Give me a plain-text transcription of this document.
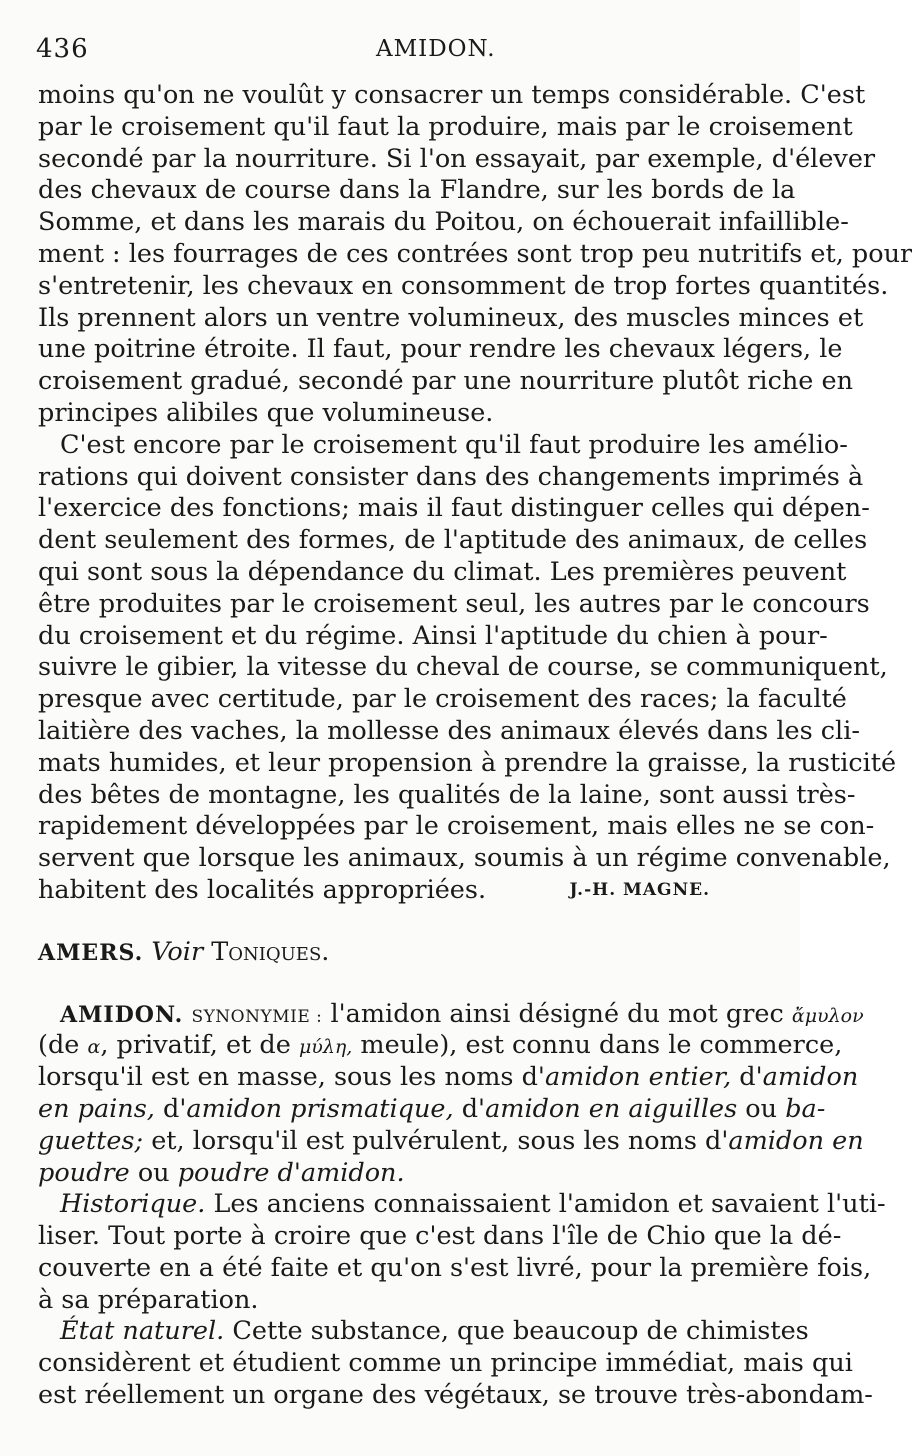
436	AMIDON.
moins qu'on ne voulût y consacrer un temps considérable. C'est
par le croisement qu'il faut la produire, mais par le croisement
secondé par la nourriture. Si l'on essayait, par exemple, d'élever
des chevaux de course dans la Flandre, sur les bords de la
Somme, et dans les marais du Poitou, on échouerait infaillible-
ment : les fourrages de ces contrées sont trop peu nutritifs et, pour
s'entretenir, les chevaux en consomment de trop fortes quantités.
Ils prennent alors un ventre volumineux, des muscles minces et
une poitrine étroite. Il faut, pour rendre les chevaux légers, le
croisement gradué, secondé par une nourriture plutôt riche en
principes alibiles que volumineuse.
C'est encore par le croisement qu'il faut produire les amélio-
rations qui doivent consister dans des changements imprimés à
l'exercice des fonctions; mais il faut distinguer celles qui dépen-
dent seulement des formes, de l'aptitude des animaux, de celles
qui sont sous la dépendance du climat. Les premières peuvent
être produites par le croisement seul, les autres par le concours
du croisement et du régime. Ainsi l'aptitude du chien à pour-
suivre le gibier, la vitesse du cheval de course, se communiquent,
presque avec certitude, par le croisement des races; la faculté
laitière des vaches, la mollesse des animaux élevés dans les cli-
mats humides, et leur propension à prendre la graisse, la rusticité
des bêtes de montagne, les qualités de la laine, sont aussi très-
rapidement développées par le croisement, mais elles ne se con-
servent que lorsque les animaux, soumis à un régime convenable,
habitent des localités appropriées.	J.-H. MAGNE.
AMERS. Voir Toniques.
AMIDON. SYNONYMIE : l'amidon ainsi désigné du mot grec ἄμυλον
(de α, privatif, et de μύλη, meule), est connu dans le commerce,
lorsqu'il est en masse, sous les noms d'amidon entier, d'amidon
en pains, d'amidon prismatique, d'amidon en aiguilles ou ba-
guettes; et, lorsqu'il est pulvérulent, sous les noms d'amidon en
poudre ou poudre d'amidon.
Historique. Les anciens connaissaient l'amidon et savaient l'uti-
liser. Tout porte à croire que c'est dans l'île de Chio que la dé-
couverte en a été faite et qu'on s'est livré, pour la première fois,
à sa préparation.
État naturel. Cette substance, que beaucoup de chimistes
considèrent et étudient comme un principe immédiat, mais qui
est réellement un organe des végétaux, se trouve très-abondam-
